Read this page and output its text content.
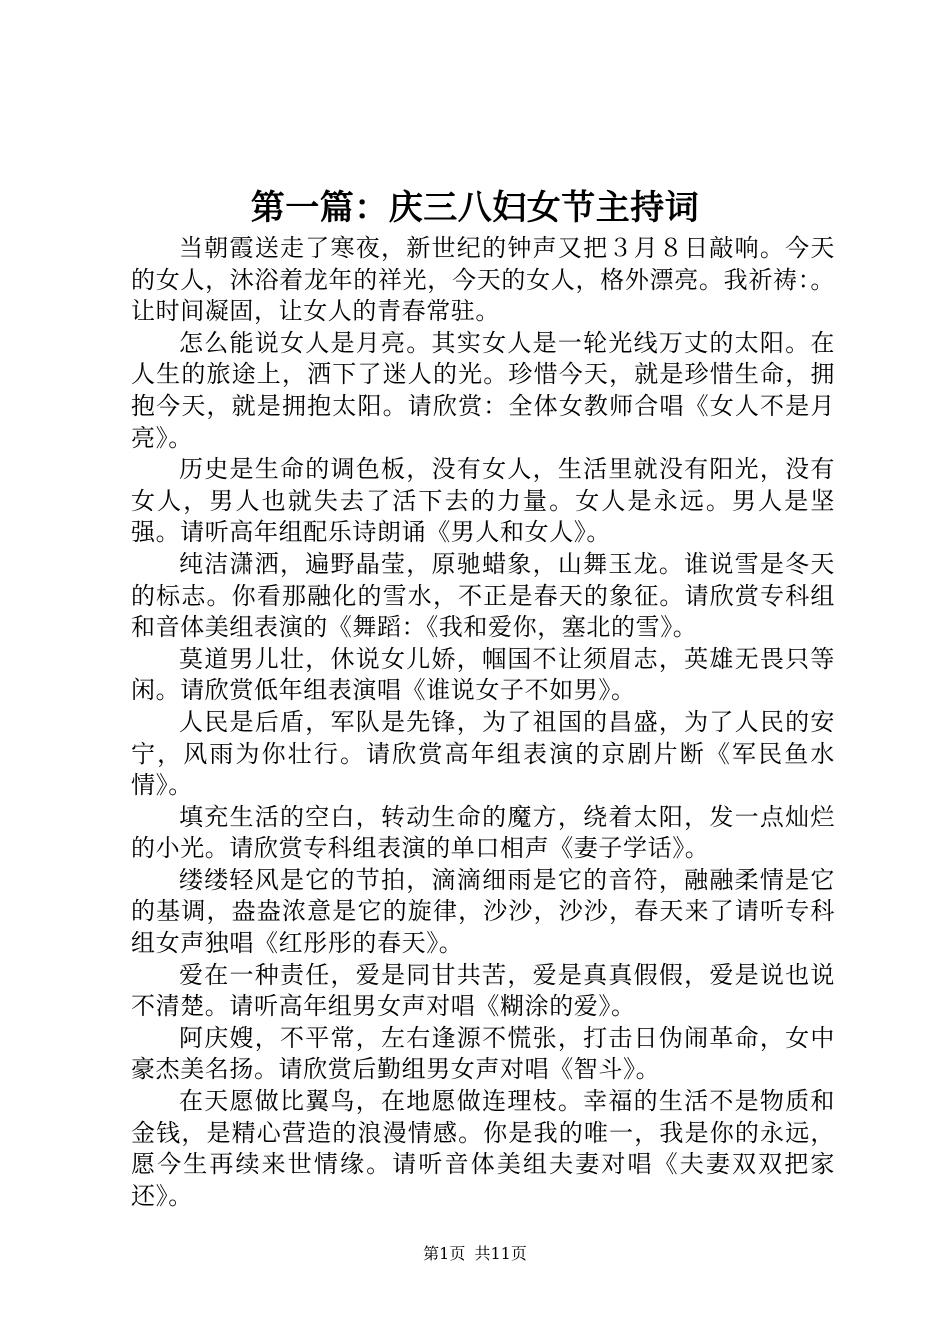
第一篇：庆三八妇女节主持词

当朝霞送走了寒夜，新世纪的钟声又把３月８日敲响。今天的女人，沐浴着龙年的祥光，今天的女人，格外漂亮。我祈祷：。让时间凝固，让女人的青春常驻。

怎么能说女人是月亮。其实女人是一轮光线万丈的太阳。在人生的旅途上，洒下了迷人的光。珍惜今天，就是珍惜生命，拥抱今天，就是拥抱太阳。请欣赏：全体女教师合唱《女人不是月亮》。

历史是生命的调色板，没有女人，生活里就没有阳光，没有女人，男人也就失去了活下去的力量。女人是永远。男人是坚强。请听高年组配乐诗朗诵《男人和女人》。

纯洁潇洒，遍野晶莹，原驰蜡象，山舞玉龙。谁说雪是冬天的标志。你看那融化的雪水，不正是春天的象征。请欣赏专科组和音体美组表演的《舞蹈：《我和爱你，塞北的雪》。

莫道男儿壮，休说女儿娇，帼国不让须眉志，英雄无畏只等闲。请欣赏低年组表演唱《谁说女子不如男》。

人民是后盾，军队是先锋，为了祖国的昌盛，为了人民的安宁，风雨为你壮行。请欣赏高年组表演的京剧片断《军民鱼水情》。

填充生活的空白，转动生命的魔方，绕着太阳，发一点灿烂的小光。请欣赏专科组表演的单口相声《妻子学话》。

缕缕轻风是它的节拍，滴滴细雨是它的音符，融融柔情是它的基调，盎盎浓意是它的旋律，沙沙，沙沙，春天来了请听专科组女声独唱《红彤彤的春天》。

爱在一种责任，爱是同甘共苦，爱是真真假假，爱是说也说不清楚。请听高年组男女声对唱《糊涂的爱》。

阿庆嫂，不平常，左右逢源不慌张，打击日伪闹革命，女中豪杰美名扬。请欣赏后勤组男女声对唱《智斗》。

在天愿做比翼鸟，在地愿做连理枝。幸福的生活不是物质和金钱，是精心营造的浪漫情感。你是我的唯一，我是你的永远，愿今生再续来世情缘。请听音体美组夫妻对唱《夫妻双双把家还》。

第1页 共11页
